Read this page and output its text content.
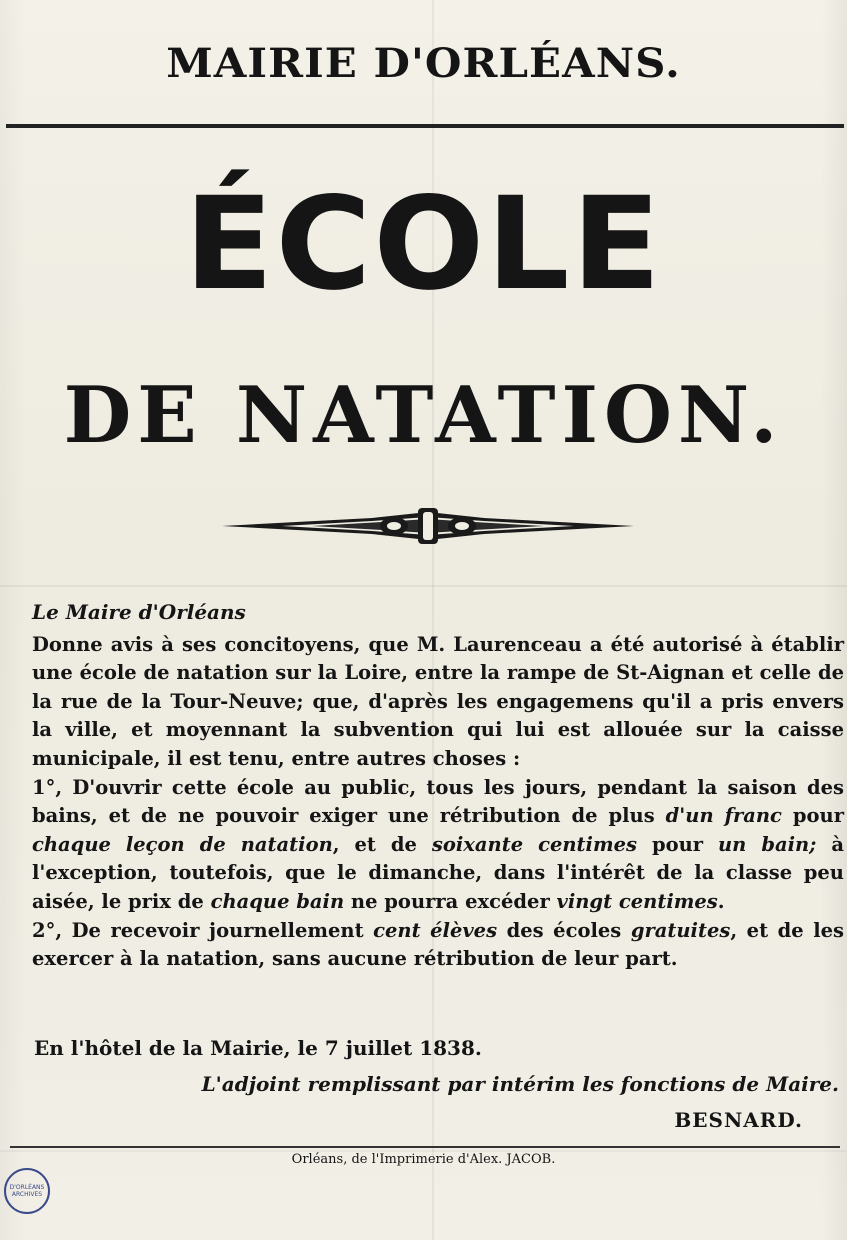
MAIRIE D'ORLÉANS.
ÉCOLE
DE NATATION.
Le Maire d'Orléans

Donne avis à ses concitoyens, que M. Laurenceau a été autorisé à établir une école de natation sur la Loire, entre la rampe de St-Aignan et celle de la rue de la Tour-Neuve; que, d'après les engagemens qu'il a pris envers la ville, et moyennant la subvention qui lui est allouée sur la caisse municipale, il est tenu, entre autres choses :

1°, D'ouvrir cette école au public, tous les jours, pendant la saison des bains, et de ne pouvoir exiger une rétribution de plus d'un franc pour chaque leçon de natation, et de soixante centimes pour un bain; à l'exception, toutefois, que le dimanche, dans l'intérêt de la classe peu aisée, le prix de chaque bain ne pourra excéder vingt centimes.

2°, De recevoir journellement cent élèves des écoles gratuites, et de les exercer à la natation, sans aucune rétribution de leur part.

En l'hôtel de la Mairie, le 7 juillet 1838.
L'adjoint remplissant par intérim les fonctions de Maire.
BESNARD.
Orléans, de l'Imprimerie d'Alex. JACOB.
D'ORLÉANS ARCHIVES
